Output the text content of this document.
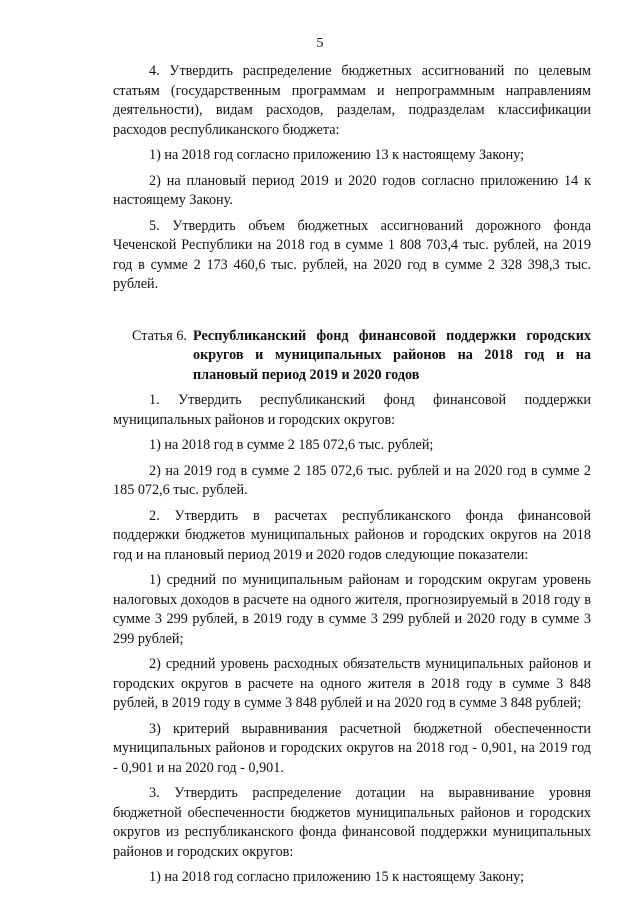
5

4. Утвердить распределение бюджетных ассигнований по целевым статьям (государственным программам и непрограммным направлениям деятельности), видам расходов, разделам, подразделам классификации расходов республиканского бюджета:

1) на 2018 год согласно приложению 13 к настоящему Закону;

2) на плановый период 2019 и 2020 годов согласно приложению 14 к настоящему Закону.

5. Утвердить объем бюджетных ассигнований дорожного фонда Чеченской Республики на 2018 год в сумме 1 808 703,4 тыс. рублей, на 2019 год в сумме 2 173 460,6 тыс. рублей, на 2020 год в сумме 2 328 398,3 тыс. рублей.

Статья 6. Республиканский фонд финансовой поддержки городских округов и муниципальных районов на 2018 год и на плановый период 2019 и 2020 годов

1. Утвердить республиканский фонд финансовой поддержки муниципальных районов и городских округов:

1) на 2018 год в сумме 2 185 072,6 тыс. рублей;

2) на 2019 год в сумме 2 185 072,6 тыс. рублей и на 2020 год в сумме 2 185 072,6 тыс. рублей.

2. Утвердить в расчетах республиканского фонда финансовой поддержки бюджетов муниципальных районов и городских округов на 2018 год и на плановый период 2019 и 2020 годов следующие показатели:

1) средний по муниципальным районам и городским округам уровень налоговых доходов в расчете на одного жителя, прогнозируемый в 2018 году в сумме 3 299 рублей, в 2019 году в сумме 3 299 рублей и 2020 году в сумме 3 299 рублей;

2) средний уровень расходных обязательств муниципальных районов и городских округов в расчете на одного жителя в 2018 году в сумме 3 848 рублей, в 2019 году в сумме 3 848 рублей и на 2020 год в сумме 3 848 рублей;

3) критерий выравнивания расчетной бюджетной обеспеченности муниципальных районов и городских округов на 2018 год - 0,901, на 2019 год - 0,901 и на 2020 год - 0,901.

3. Утвердить распределение дотации на выравнивание уровня бюджетной обеспеченности бюджетов муниципальных районов и городских округов из республиканского фонда финансовой поддержки муниципальных районов и городских округов:

1) на 2018 год согласно приложению 15 к настоящему Закону;
